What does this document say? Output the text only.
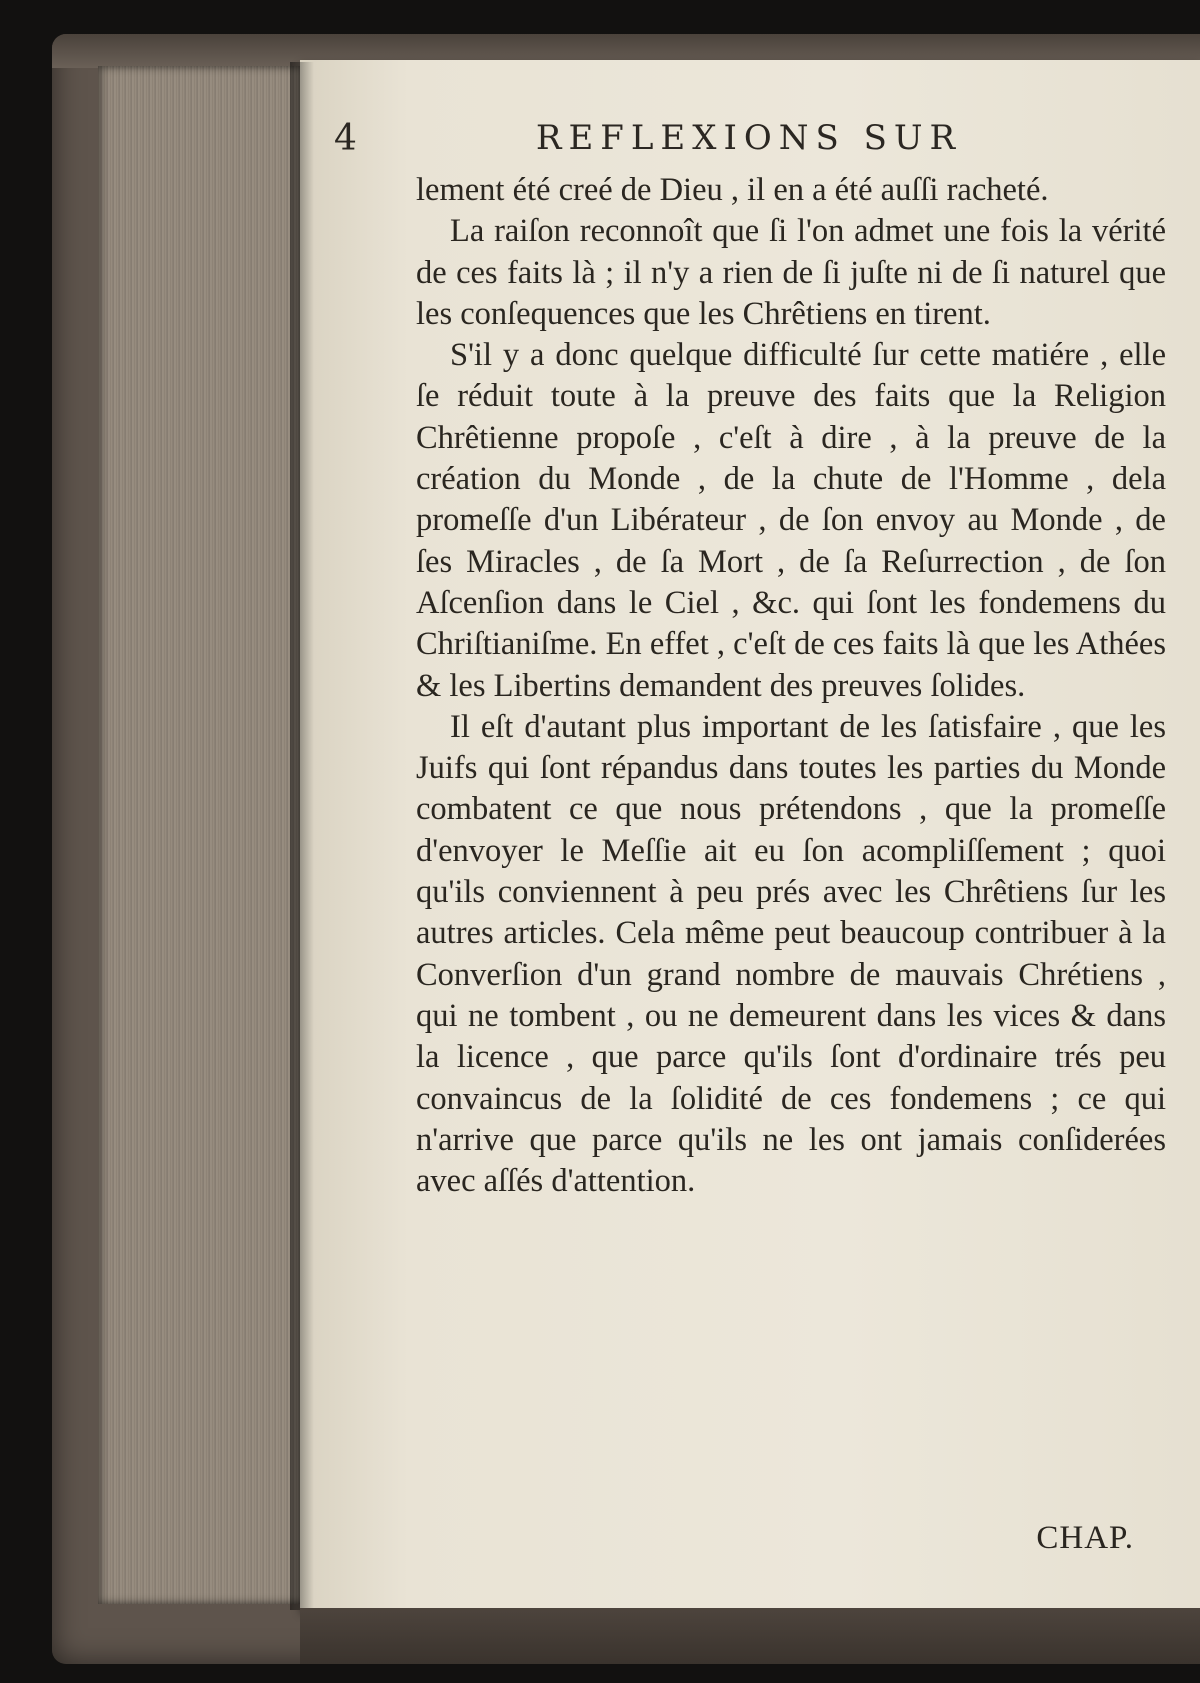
4	REFLEXIONS SUR

lement été creé de Dieu , il en a été auſſi racheté.

La raiſon reconnoît que ſi l'on admet une fois la vérité de ces faits là ; il n'y a rien de ſi juſte ni de ſi naturel que les conſequences que les Chrêtiens en tirent.

S'il y a donc quelque difficulté ſur cette matiére , elle ſe réduit toute à la preuve des faits que la Religion Chrêtienne propoſe , c'eſt à dire , à la preuve de la création du Monde , de la chute de l'Homme , dela promeſſe d'un Libérateur , de ſon envoy au Monde , de ſes Miracles , de ſa Mort , de ſa Reſurrection , de ſon Aſcenſion dans le Ciel , &c. qui ſont les fondemens du Chriſtianiſme. En effet , c'eſt de ces faits là que les Athées & les Libertins demandent des preuves ſolides.

Il eſt d'autant plus important de les ſatisfaire , que les Juifs qui ſont répandus dans toutes les parties du Monde combatent ce que nous prétendons , que la promeſſe d'envoyer le Meſſie ait eu ſon acompliſſement ; quoi qu'ils conviennent à peu prés avec les Chrêtiens ſur les autres articles. Cela même peut beaucoup contribuer à la Converſion d'un grand nombre de mauvais Chrétiens , qui ne tombent , ou ne demeurent dans les vices & dans la licence , que parce qu'ils ſont d'ordinaire trés peu convaincus de la ſolidité de ces fondemens ; ce qui n'arrive que parce qu'ils ne les ont jamais conſiderées avec aſſés d'attention.

CHAP.
